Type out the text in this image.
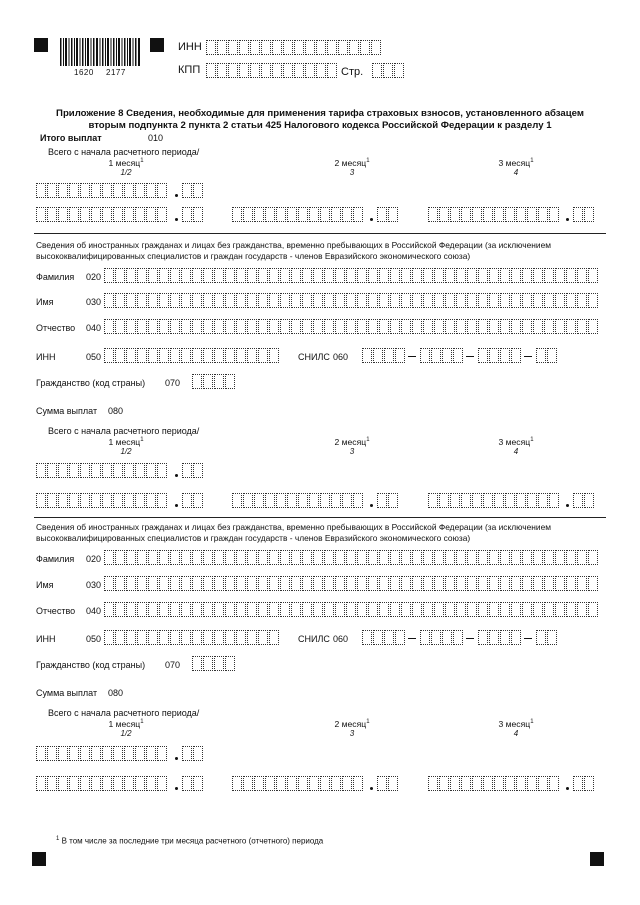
1620 2177
ИНН
КПП	Стр.
Приложение 8 Сведения, необходимые для применения тарифа страховых взносов, установленного абзацем вторым подпункта 2 пункта 2 статьи 425 Налогового кодекса Российской Федерации к разделу 1
Итого выплат	010
Всего с начала расчетного периода/
1 месяц$^1$
1/2
2 месяц$^1$
3
3 месяц$^1$
4
Сведения об иностранных гражданах и лицах без гражданства, временно пребывающих в Российской Федерации (за исключением высококвалифицированных специалистов и граждан государств - членов Евразийского экономического союза)
Фамилия 020
Имя	030
Отчество 040
ИНН	050	СНИЛС 060
Гражданство (код страны) 070
Сумма выплат 080
Всего с начала расчетного периода/
1 месяц$^1$
1/2
2 месяц$^1$
3
3 месяц$^1$
4
Сведения об иностранных гражданах и лицах без гражданства, временно пребывающих в Российской Федерации (за исключением высококвалифицированных специалистов и граждан государств - членов Евразийского экономического союза)
Фамилия 020
Имя	030
Отчество 040
ИНН	050	СНИЛС 060
Гражданство (код страны) 070
Сумма выплат 080
Всего с начала расчетного периода/
1 месяц$^1$
1/2
2 месяц$^1$
3
3 месяц$^1$
4
$^1$ В том числе за последние три месяца расчетного (отчетного) периода
